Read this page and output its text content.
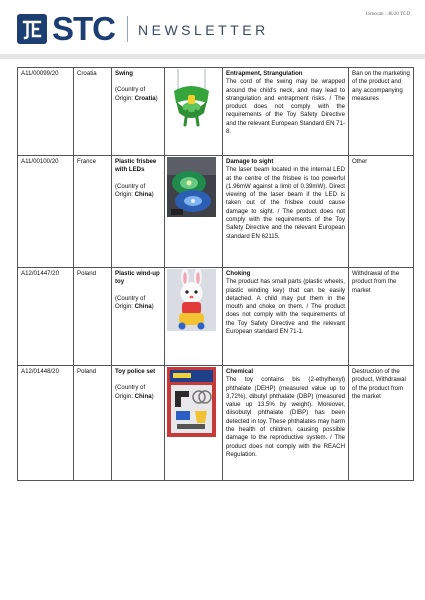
STC NEWSLETTER
Jornocan : 48/20 TCD
A11/00099/20	Croatia	Swing
(Country of Origin: Croatia)		Entrapment, Strangulation
The cord of the swing may be wrapped around the child's neck, and may lead to strangulation and entrapment risks. / The product does not comply with the requirements of the Toy Safety Directive and the relevant European Standard EN 71-8.	Ban on the marketing of the product and any accompanying measures
A11/00100/20	France	Plastic frisbee with LEDs
(Country of Origin: China)		Damage to sight
The laser beam located in the internal LED at the centre of the frisbee is too powerful (1.96mW against a limit of 0.39mW). Direct viewing of the laser beam if the LED is taken out of the frisbee could cause damage to sight. / The product does not comply with the requirements of the Toy Safety Directive and the relevant European standard EN 62115.	Other
A12/01447/20	Poland	Plastic wind-up toy
(Country of Origin: China)		Choking
The product has small parts (plastic wheels, plastic winding key) that can be easily detached. A child may put them in the mouth and choke on them. / The product does not comply with the requirements of the Toy Safety Directive and the relevant European standard EN 71-1.	Withdrawal of the product from the market
A12/01448/20	Poland	Toy police set
(Country of Origin: China)		Chemical
The toy contains bis (2-ethylhexyl) phthalate (DEHP) (measured value up to 3,72%), dibutyl phthalate (DBP) (measured value up 13.5% by weight). Moreover, diisobutyl phthalate (DIBP) has been detected in toy. These phthalates may harm the health of children, causing possible damage to the reproductive system. / The product does not comply with the REACH Regulation.	Destruction of the product, Withdrawal of the product from the market
